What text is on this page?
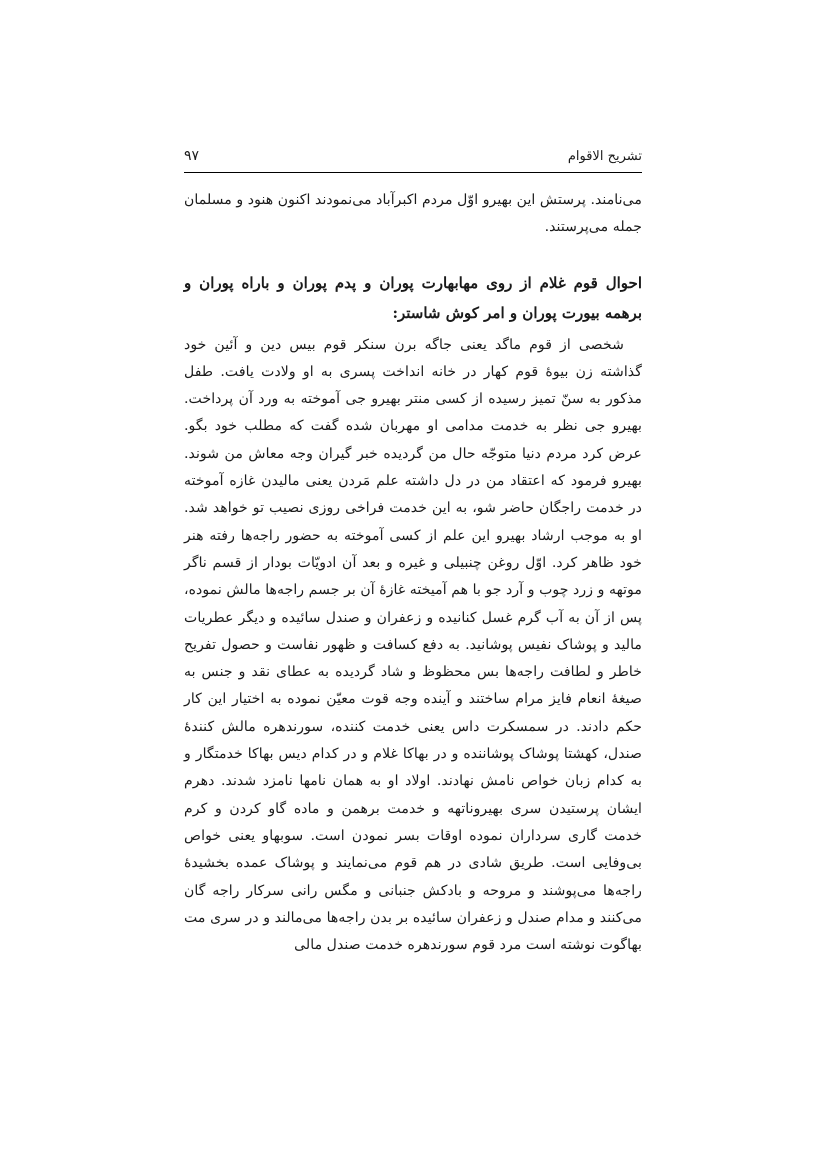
تشریح الاقوام
۹۷

می‌نامند. پرستش این بهیرو اوّل مردم اکبرآباد می‌نمودند اکنون هنود و مسلمان جمله می‌پرستند.

احوال قوم غلام از روی مهابهارت پوران و پدم پوران و باراه پوران و برهمه بیورت پوران و امر کوش شاستر:

شخصی از قوم ماگد یعنی جاگه برن سنکر قوم بیس دین و آئین خود گذاشته زن بیوهٔ قوم کهار در خانه انداخت پسری به او ولادت یافت. طفل مذکور به سنّ تمیز رسیده از کسی منتر بهیرو جی آموخته به ورد آن پرداخت. بهیرو جی نظر به خدمت مدامی او مهربان شده گفت که مطلب خود بگو. عرض کرد مردم دنیا متوجّه حال من گردیده خبر گیران وجه معاش من شوند. بهیرو فرمود که اعتقاد من در دل داشته علم مَردن یعنی مالیدن غازه آموخته در خدمت راجگان حاضر شو، به این خدمت فراخی روزی نصیب تو خواهد شد. او به موجب ارشاد بهیرو این علم از کسی آموخته به حضور راجه‌ها رفته هنر خود ظاهر کرد. اوّل روغن چنبیلی و غیره و بعد آن ادویّات بودار از قسم ناگر موتهه و زرد چوب و آرد جو با هم آمیخته غازهٔ آن بر جسم راجه‌ها مالش نموده، پس از آن به آب گرم غسل کنانیده و زعفران و صندل سائیده و دیگر عطریات مالید و پوشاک نفیس پوشانید. به دفع کسافت و ظهور نفاست و حصول تفریح خاطر و لطافت راجه‌ها بس محظوظ و شاد گردیده به عطای نقد و جنس به صیغهٔ انعام فایز مرام ساختند و آینده وجه قوت معیّن نموده به اختیار این کار حکم دادند. در سمسکرت داس یعنی خدمت کننده، سورندهره مالش کنندهٔ صندل، کهشتا پوشاک پوشاننده و در بهاکا غلام و در کدام دیس بهاکا خدمتگار و به کدام زبان خواص نامش نهادند. اولاد او به همان نامها نامزد شدند. دهرم ایشان پرستیدن سری بهیروناتهه و خدمت برهمن و ماده گاو کردن و کرم خدمت گاری سرداران نموده اوقات بسر نمودن است. سوبهاو یعنی خواص بی‌وفایی است. طریق شادی در هم قوم می‌نمایند و پوشاک عمده بخشیدهٔ راجه‌ها می‌پوشند و مروحه و بادکش جنبانی و مگس رانی سرکار راجه گان می‌کنند و مدام صندل و زعفران سائیده بر بدن راجه‌ها می‌مالند و در سری مت بهاگوت نوشته است مرد قوم سورندهره خدمت صندل مالی
